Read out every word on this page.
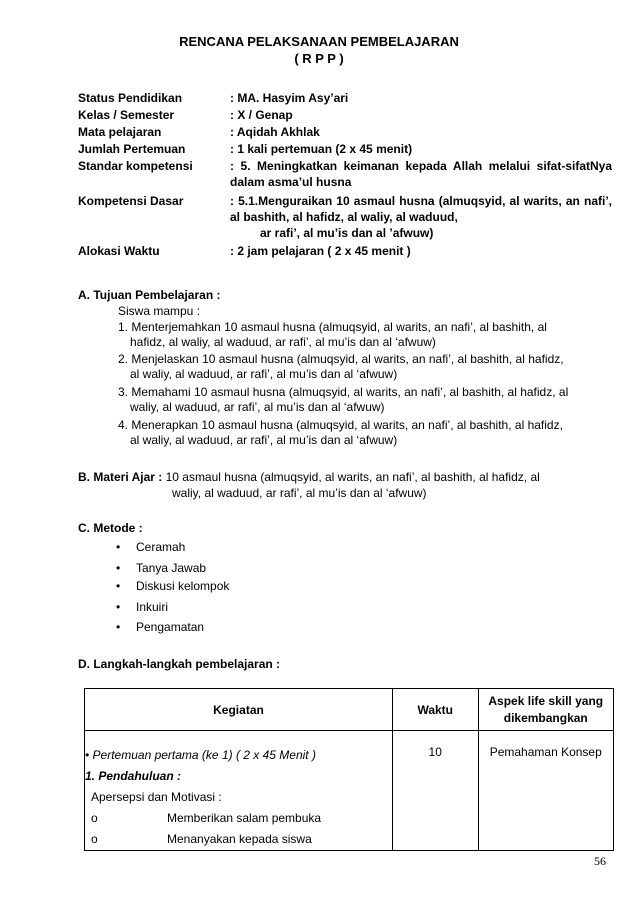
RENCANA PELAKSANAAN PEMBELAJARAN
( R P P )
Status Pendidikan	: MA. Hasyim Asy’ari
Kelas / Semester	: X / Genap
Mata pelajaran	: Aqidah Akhlak
Jumlah Pertemuan	: 1 kali pertemuan (2 x 45 menit)
Standar kompetensi	: 5. Meningkatkan keimanan kepada Allah melalui sifat-sifatNya dalam asma’ul husna
Kompetensi Dasar	: 5.1.Menguraikan 10 asmaul husna (almuqsyid, al warits, an nafi’, al bashith, al hafidz, al waliy, al waduud,
ar rafi’, al mu’is dan al ’afwuw)
Alokasi Waktu	: 2 jam pelajaran ( 2 x 45 menit )
A. Tujuan Pembelajaran :
Siswa mampu :
1. Menterjemahkan 10 asmaul husna (almuqsyid, al warits, an nafi’, al bashith, al
hafidz, al waliy, al waduud, ar rafi’, al mu’is dan al ‘afwuw)
2. Menjelaskan 10 asmaul husna (almuqsyid, al warits, an nafi’, al bashith, al hafidz,
al waliy, al waduud, ar rafi’, al mu’is dan al ‘afwuw)
3. Memahami 10 asmaul husna (almuqsyid, al warits, an nafi’, al bashith, al hafidz, al
waliy, al waduud, ar rafi’, al mu’is dan al ‘afwuw)
4. Menerapkan 10 asmaul husna (almuqsyid, al warits, an nafi’, al bashith, al hafidz,
al waliy, al waduud, ar rafi’, al mu’is dan al ‘afwuw)
B. Materi Ajar : 10 asmaul husna (almuqsyid, al warits, an nafi’, al bashith, al hafidz, al
waliy, al waduud, ar rafi’, al mu’is dan al ‘afwuw)
C. Metode :
• Ceramah
• Tanya Jawab
• Diskusi kelompok
• Inkuiri
• Pengamatan
D. Langkah-langkah pembelajaran :
Kegiatan	Waktu	Aspek life skill yang dikembangkan

• Pertemuan pertama (ke 1) ( 2 x 45 Menit )
1. Pendahuluan :
Apersepsi dan Motivasi :
o Memberikan salam pembuka
o Menanyakan kepada siswa	10	Pemahaman Konsep
56
